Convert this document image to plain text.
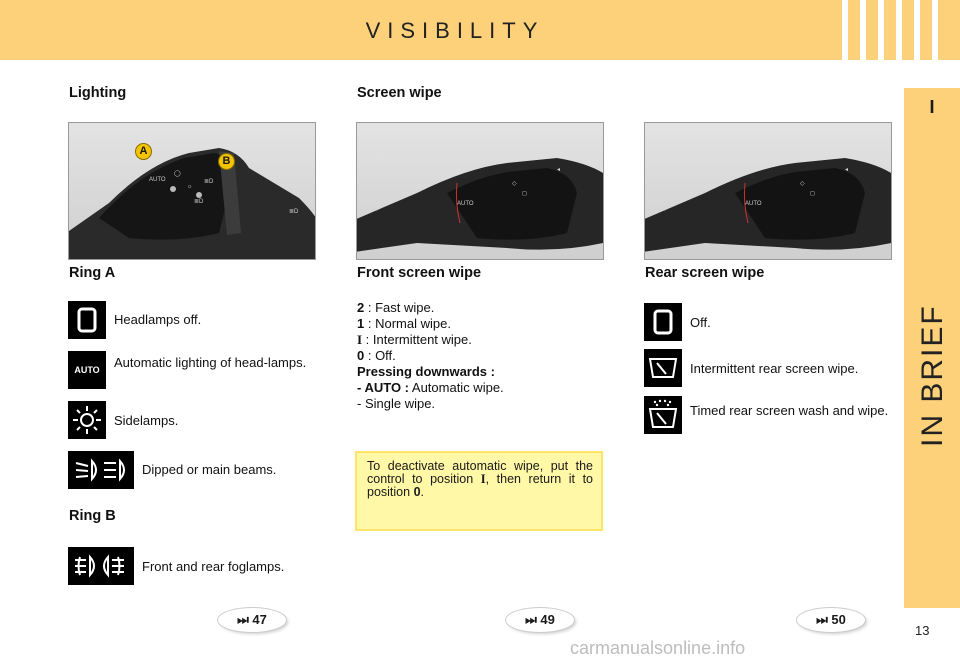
VISIBILITY
I
IN BRIEF
Lighting	Screen wipe
AUTO
◯
☼
≣D
≣D
≣D
A
B
⌒
AUTO
◇
◂
◻
⌒
AUTO
◇
◂
◻
Ring A
Headlamps off.
AUTO	Automatic lighting of head-lamps.
Sidelamps.
Dipped or main beams.
Ring B
Front and rear foglamps.
Front screen wipe
2 : Fast wipe.
1 : Normal wipe.
I : Intermittent wipe.
0 : Off.
Pressing downwards :
- AUTO : Automatic wipe.
- Single wipe.
To deactivate automatic wipe, put the control to position I, then return it to position 0.
Rear screen wipe
Off.
Intermittent rear screen wipe.
Timed rear screen wash and wipe.
⏭ 47	⏭ 49	⏭ 50
13
carmanualsonline.info
